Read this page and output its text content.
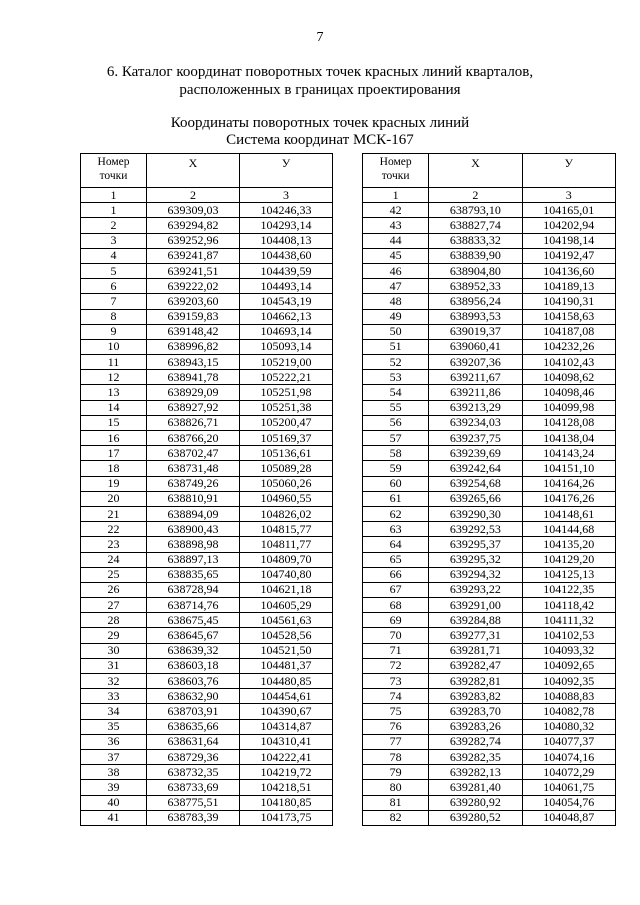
7
6. Каталог координат поворотных точек красных линий кварталов,
расположенных в границах проектирования
Координаты поворотных точек красных линий
Система координат МСК-167
Номер
точки	X	У
1	2	3
1	639309,03	104246,33
2	639294,82	104293,14
3	639252,96	104408,13
4	639241,87	104438,60
5	639241,51	104439,59
6	639222,02	104493,14
7	639203,60	104543,19
8	639159,83	104662,13
9	639148,42	104693,14
10	638996,82	105093,14
11	638943,15	105219,00
12	638941,78	105222,21
13	638929,09	105251,98
14	638927,92	105251,38
15	638826,71	105200,47
16	638766,20	105169,37
17	638702,47	105136,61
18	638731,48	105089,28
19	638749,26	105060,26
20	638810,91	104960,55
21	638894,09	104826,02
22	638900,43	104815,77
23	638898,98	104811,77
24	638897,13	104809,70
25	638835,65	104740,80
26	638728,94	104621,18
27	638714,76	104605,29
28	638675,45	104561,63
29	638645,67	104528,56
30	638639,32	104521,50
31	638603,18	104481,37
32	638603,76	104480,85
33	638632,90	104454,61
34	638703,91	104390,67
35	638635,66	104314,87
36	638631,64	104310,41
37	638729,36	104222,41
38	638732,35	104219,72
39	638733,69	104218,51
40	638775,51	104180,85
41	638783,39	104173,75
Номер
точки	X	У
1	2	3
42	638793,10	104165,01
43	638827,74	104202,94
44	638833,32	104198,14
45	638839,90	104192,47
46	638904,80	104136,60
47	638952,33	104189,13
48	638956,24	104190,31
49	638993,53	104158,63
50	639019,37	104187,08
51	639060,41	104232,26
52	639207,36	104102,43
53	639211,67	104098,62
54	639211,86	104098,46
55	639213,29	104099,98
56	639234,03	104128,08
57	639237,75	104138,04
58	639239,69	104143,24
59	639242,64	104151,10
60	639254,68	104164,26
61	639265,66	104176,26
62	639290,30	104148,61
63	639292,53	104144,68
64	639295,37	104135,20
65	639295,32	104129,20
66	639294,32	104125,13
67	639293,22	104122,35
68	639291,00	104118,42
69	639284,88	104111,32
70	639277,31	104102,53
71	639281,71	104093,32
72	639282,47	104092,65
73	639282,81	104092,35
74	639283,82	104088,83
75	639283,70	104082,78
76	639283,26	104080,32
77	639282,74	104077,37
78	639282,35	104074,16
79	639282,13	104072,29
80	639281,40	104061,75
81	639280,92	104054,76
82	639280,52	104048,87
